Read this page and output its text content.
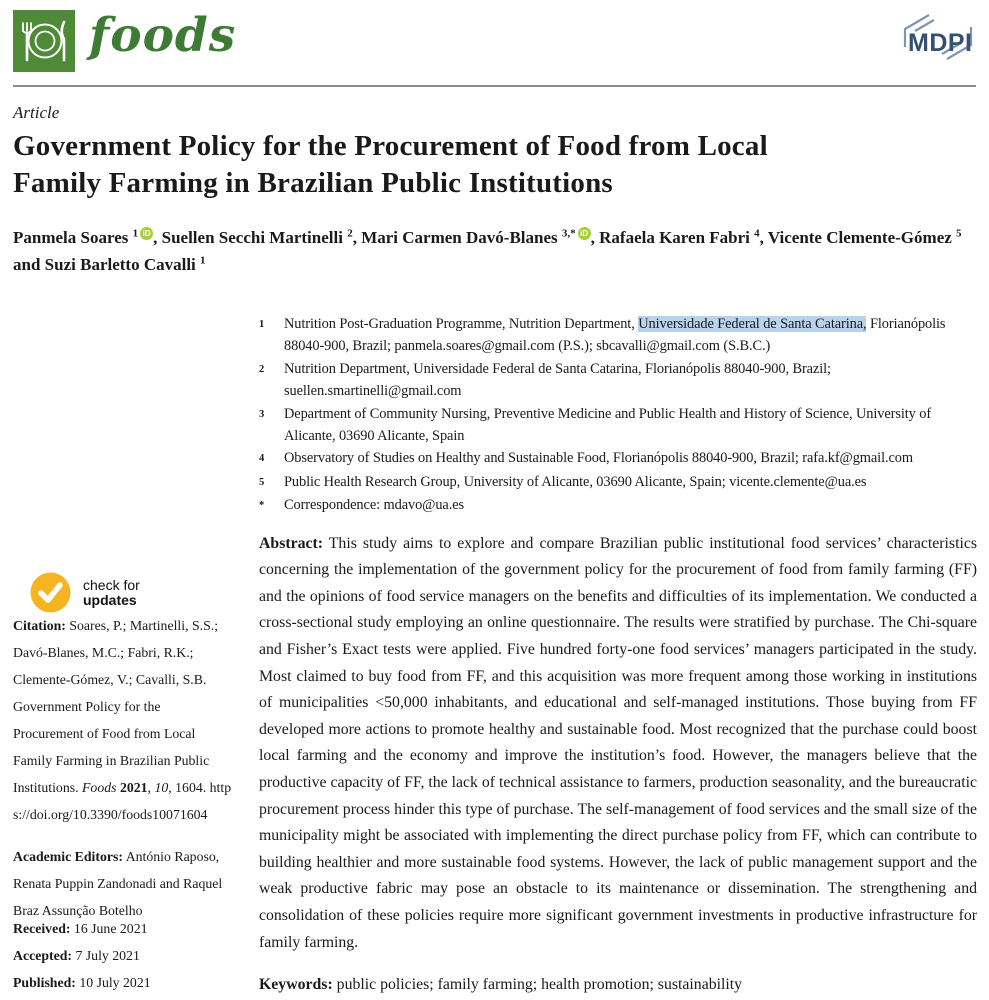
foods	MDPI
Article
Government Policy for the Procurement of Food from Local
Family Farming in Brazilian Public Institutions
Panmela Soares $^1$ iD , Suellen Secchi Martinelli $^2$, Mari Carmen Davó-Blanes $^{3,*}$ iD , Rafaela Karen Fabri $^4$, Vicente Clemente-Gómez $^5$ and Suzi Barletto Cavalli $^1$
check for
updates

Citation: Soares, P.; Martinelli, S.S.; Davó-Blanes, M.C.; Fabri, R.K.; Clemente-Gómez, V.; Cavalli, S.B. Government Policy for the Procurement of Food from Local Family Farming in Brazilian Public Institutions. Foods 2021, 10, 1604. https://doi.org/10.3390/foods10071604

Academic Editors: António Raposo, Renata Puppin Zandonadi and Raquel Braz Assunção Botelho

Received: 16 June 2021
Accepted: 7 July 2021
Published: 10 July 2021
1	Nutrition Post-Graduation Programme, Nutrition Department, Universidade Federal de Santa Catarina, Florianópolis 88040-900, Brazil; panmela.soares@gmail.com (P.S.); sbcavalli@gmail.com (S.B.C.)
2	Nutrition Department, Universidade Federal de Santa Catarina, Florianópolis 88040-900, Brazil; suellen.smartinelli@gmail.com
3	Department of Community Nursing, Preventive Medicine and Public Health and History of Science, University of Alicante, 03690 Alicante, Spain
4	Observatory of Studies on Healthy and Sustainable Food, Florianópolis 88040-900, Brazil; rafa.kf@gmail.com
5	Public Health Research Group, University of Alicante, 03690 Alicante, Spain; vicente.clemente@ua.es
*	Correspondence: mdavo@ua.es

Abstract: This study aims to explore and compare Brazilian public institutional food services’ characteristics concerning the implementation of the government policy for the procurement of food from family farming (FF) and the opinions of food service managers on the benefits and difficulties of its implementation. We conducted a cross-sectional study employing an online questionnaire. The results were stratified by purchase. The Chi-square and Fisher’s Exact tests were applied. Five hundred forty-one food services’ managers participated in the study. Most claimed to buy food from FF, and this acquisition was more frequent among those working in institutions of municipalities <50,000 inhabitants, and educational and self-managed institutions. Those buying from FF developed more actions to promote healthy and sustainable food. Most recognized that the purchase could boost local farming and the economy and improve the institution’s food. However, the managers believe that the productive capacity of FF, the lack of technical assistance to farmers, production seasonality, and the bureaucratic procurement process hinder this type of purchase. The self-management of food services and the small size of the municipality might be associated with implementing the direct purchase policy from FF, which can contribute to building healthier and more sustainable food systems. However, the lack of public management support and the weak productive fabric may pose an obstacle to its maintenance or dissemination. The strengthening and consolidation of these policies require more significant government investments in productive infrastructure for family farming.

Keywords: public policies; family farming; health promotion; sustainability
